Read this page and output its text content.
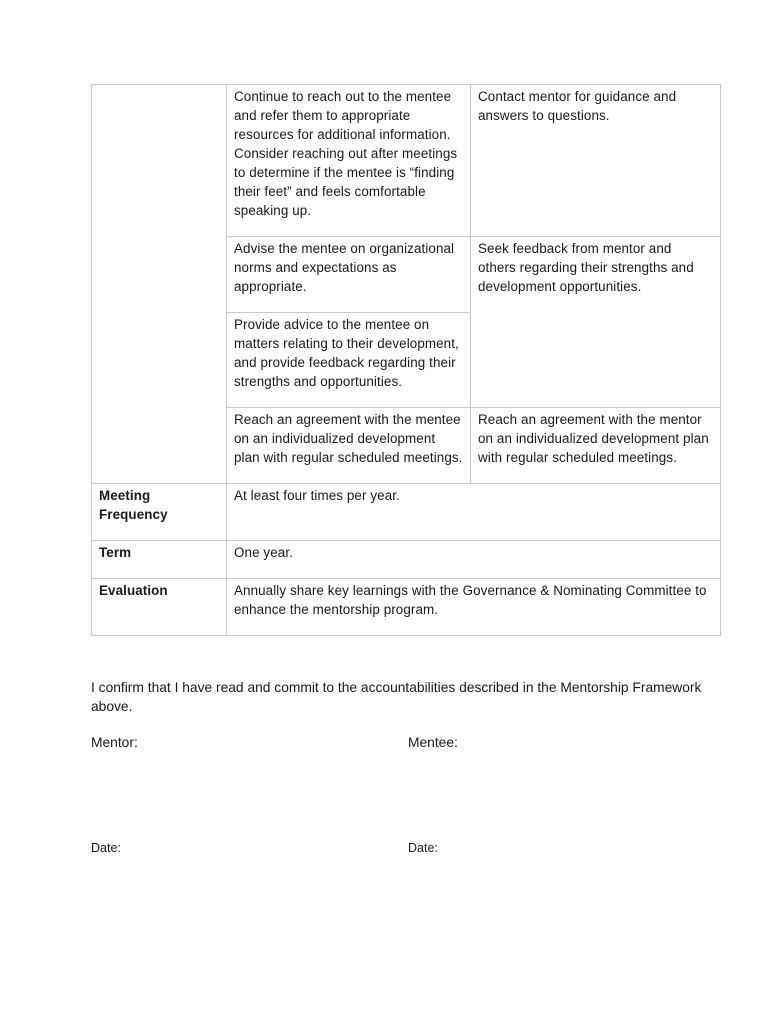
	Continue to reach out to the mentee and refer them to appropriate resources for additional information. Consider reaching out after meetings to determine if the mentee is “finding their feet” and feels comfortable speaking up.	Contact mentor for guidance and answers to questions.
	Advise the mentee on organizational norms and expectations as appropriate.	Seek feedback from mentor and others regarding their strengths and development opportunities.
	Provide advice to the mentee on matters relating to their development, and provide feedback regarding their strengths and opportunities.	
	Reach an agreement with the mentee on an individualized development plan with regular scheduled meetings.	Reach an agreement with the mentor on an individualized development plan with regular scheduled meetings.
Meeting Frequency	At least four times per year.	
Term	One year.	
Evaluation	Annually share key learnings with the Governance & Nominating Committee to enhance the mentorship program.	
I confirm that I have read and commit to the accountabilities described in the Mentorship Framework above.
Mentor:	Mentee:
Date:	Date:
